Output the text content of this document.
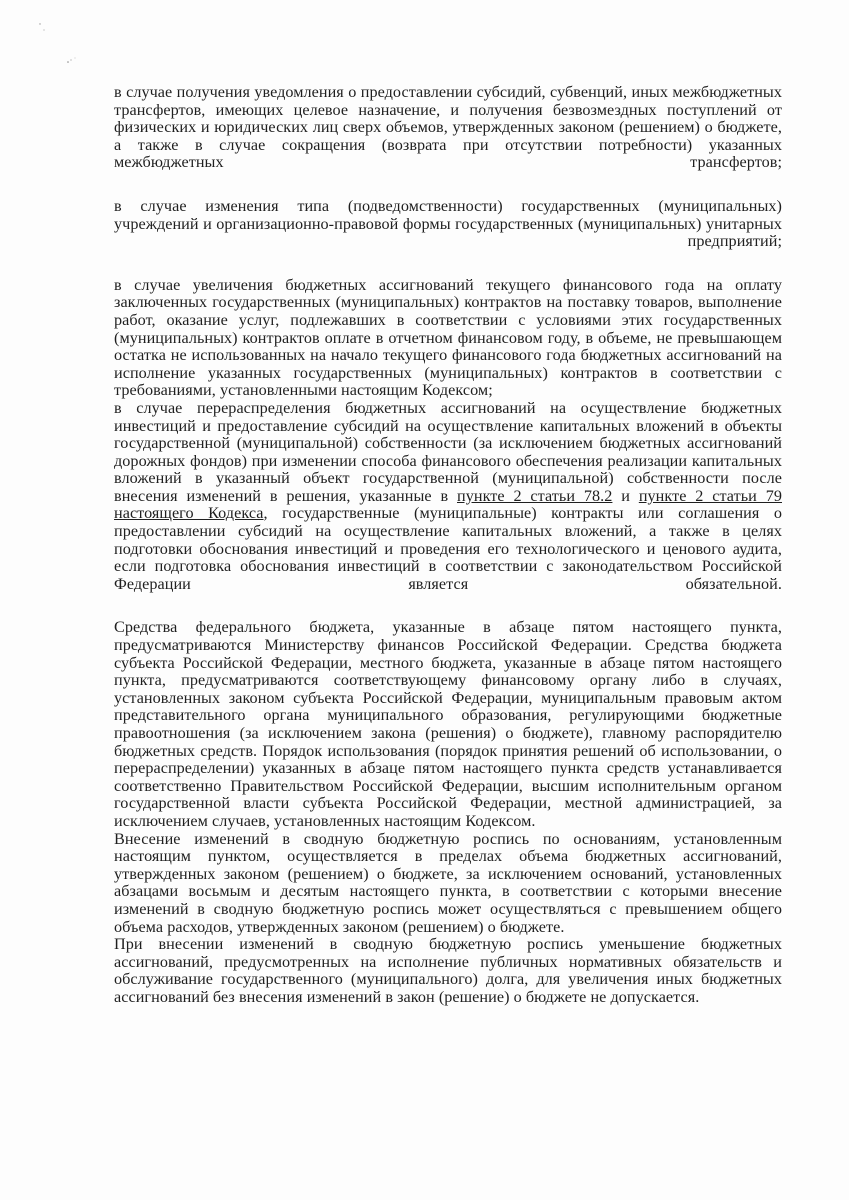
в случае получения уведомления о предоставлении субсидий, субвенций, иных межбюджетных трансфертов, имеющих целевое назначение, и получения безвозмездных поступлений от физических и юридических лиц сверх объемов, утвержденных законом (решением) о бюджете, а также в случае сокращения (возврата при отсутствии потребности) указанных межбюджетных трансфертов;

в случае изменения типа (подведомственности) государственных (муниципальных) учреждений и организационно-правовой формы государственных (муниципальных) унитарных

предприятий;

в случае увеличения бюджетных ассигнований текущего финансового года на оплату заключенных государственных (муниципальных) контрактов на поставку товаров, выполнение работ, оказание услуг, подлежавших в соответствии с условиями этих государственных (муниципальных) контрактов оплате в отчетном финансовом году, в объеме, не превышающем остатка не использованных на начало текущего финансового года бюджетных ассигнований на исполнение указанных государственных (муниципальных) контрактов в соответствии с требованиями, установленными настоящим Кодексом;

в случае перераспределения бюджетных ассигнований на осуществление бюджетных инвестиций и предоставление субсидий на осуществление капитальных вложений в объекты государственной (муниципальной) собственности (за исключением бюджетных ассигнований дорожных фондов) при изменении способа финансового обеспечения реализации капитальных вложений в указанный объект государственной (муниципальной) собственности после внесения изменений в решения, указанные в пункте 2 статьи 78.2 и пункте 2 статьи 79 настоящего Кодекса, государственные (муниципальные) контракты или соглашения о предоставлении субсидий на осуществление капитальных вложений, а также в целях подготовки обоснования инвестиций и проведения его технологического и ценового аудита, если подготовка обоснования инвестиций в соответствии с законодательством Российской Федерации является обязательной.

Средства федерального бюджета, указанные в абзаце пятом настоящего пункта, предусматриваются Министерству финансов Российской Федерации. Средства бюджета субъекта Российской Федерации, местного бюджета, указанные в абзаце пятом настоящего пункта, предусматриваются соответствующему финансовому органу либо в случаях, установленных законом субъекта Российской Федерации, муниципальным правовым актом представительного органа муниципального образования, регулирующими бюджетные правоотношения (за исключением закона (решения) о бюджете), главному распорядителю бюджетных средств. Порядок использования (порядок принятия решений об использовании, о перераспределении) указанных в абзаце пятом настоящего пункта средств устанавливается соответственно Правительством Российской Федерации, высшим исполнительным органом государственной власти субъекта Российской Федерации, местной администрацией, за исключением случаев, установленных настоящим Кодексом.

Внесение изменений в сводную бюджетную роспись по основаниям, установленным настоящим пунктом, осуществляется в пределах объема бюджетных ассигнований, утвержденных законом (решением) о бюджете, за исключением оснований, установленных абзацами восьмым и десятым настоящего пункта, в соответствии с которыми внесение изменений в сводную бюджетную роспись может осуществляться с превышением общего объема расходов, утвержденных законом (решением) о бюджете.

При внесении изменений в сводную бюджетную роспись уменьшение бюджетных ассигнований, предусмотренных на исполнение публичных нормативных обязательств и обслуживание государственного (муниципального) долга, для увеличения иных бюджетных ассигнований без внесения изменений в закон (решение) о бюджете не допускается.
